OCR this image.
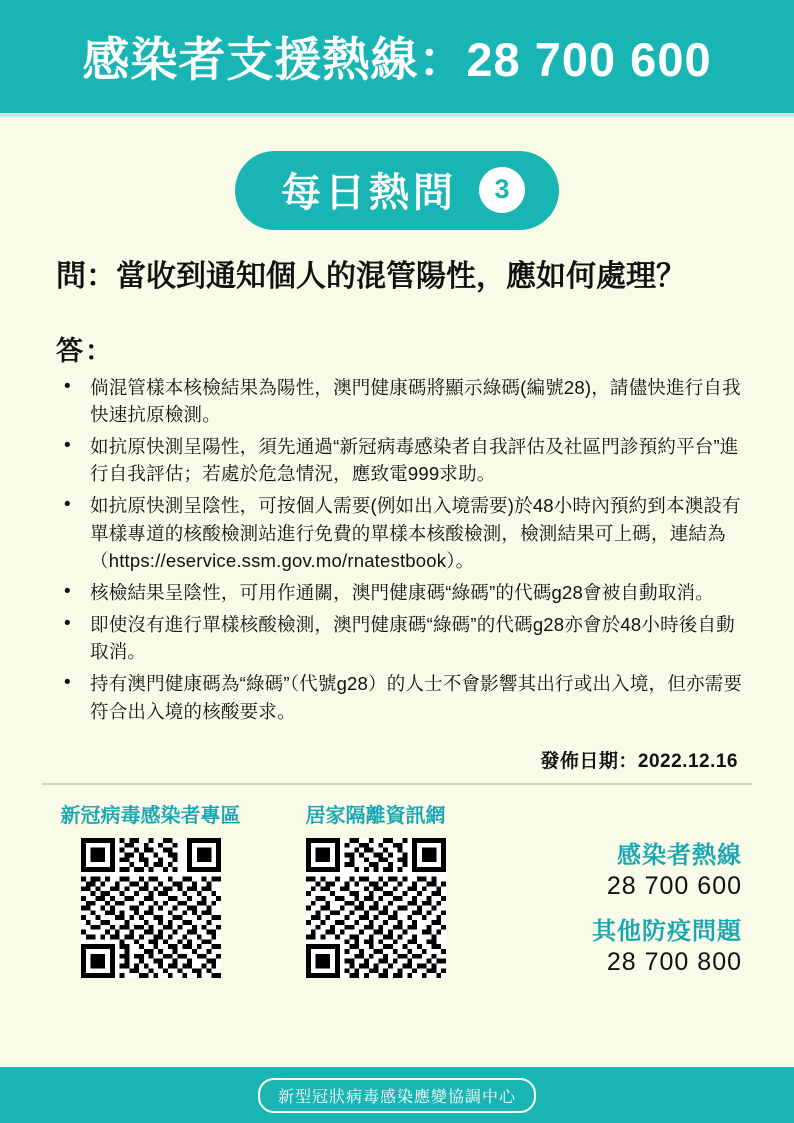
感染者支援熱線：28 700 600
每日熱問	3
問：當收到通知個人的混管陽性，應如何處理？
答：
• 倘混管樣本核檢結果為陽性，澳門健康碼將顯示綠碼(編號28)，請儘快進行自我快速抗原檢測。
• 如抗原快測呈陽性，須先通過“新冠病毒感染者自我評估及社區門診預約平台”進行自我評估；若處於危急情況，應致電999求助。
• 如抗原快測呈陰性，可按個人需要(例如出入境需要)於48小時內預約到本澳設有單樣專道的核酸檢測站進行免費的單樣本核酸檢測，檢測結果可上碼，連結為（https://eservice.ssm.gov.mo/rnatestbook）。
• 核檢結果呈陰性，可用作通關，澳門健康碼“綠碼”的代碼g28會被自動取消。
• 即使沒有進行單樣核酸檢測，澳門健康碼“綠碼”的代碼g28亦會於48小時後自動取消。
• 持有澳門健康碼為“綠碼”（代號g28）的人士不會影響其出行或出入境，但亦需要符合出入境的核酸要求。
發佈日期：2022.12.16
新冠病毒感染者專區	居家隔離資訊網
感染者熱線
28 700 600
其他防疫問題
28 700 800
新型冠狀病毒感染應變協調中心
